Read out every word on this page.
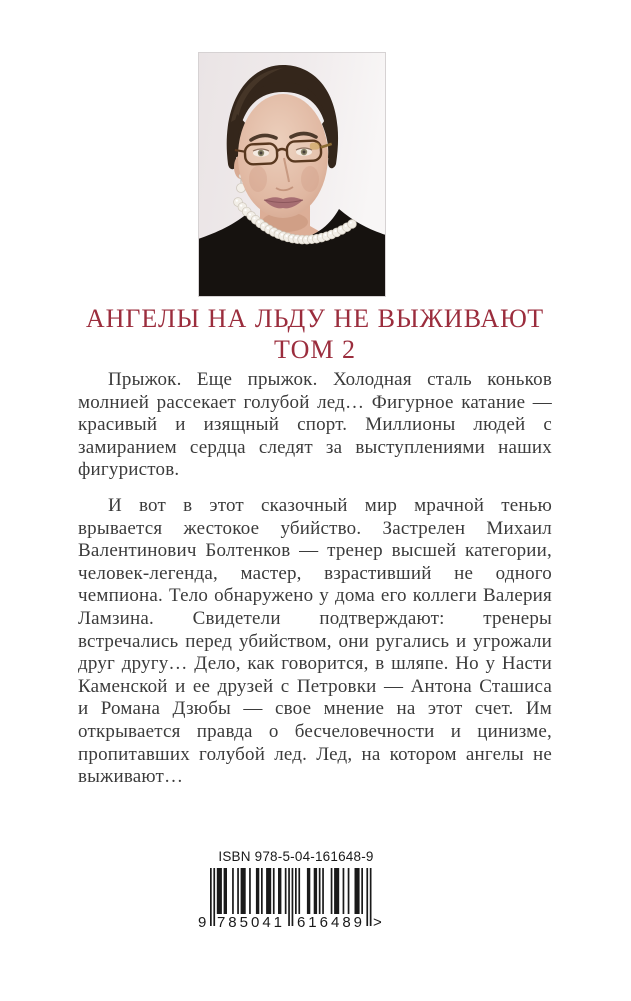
АНГЕЛЫ НА ЛЬДУ НЕ ВЫЖИВАЮТ
ТОМ 2

Прыжок. Еще прыжок. Холодная сталь коньков молнией рассекает голубой лед… Фигурное катание — красивый и изящный спорт. Миллионы людей с замиранием сердца следят за выступлениями наших фигуристов.

И вот в этот сказочный мир мрачной тенью врывается жестокое убийство. Застрелен Михаил Валентинович Болтенков — тренер высшей категории, человек-легенда, мастер, взрастивший не одного чемпиона. Тело обнаружено у дома его коллеги Валерия Ламзина. Свидетели подтверждают: тренеры встречались перед убийством, они ругались и угрожали друг другу… Дело, как говорится, в шляпе. Но у Насти Каменской и ее друзей с Петровки — Антона Сташиса и Романа Дзюбы — свое мнение на этот счет. Им открывается правда о бесчеловечности и цинизме, пропитавших голубой лед. Лед, на котором ангелы не выживают…

ISBN 978-5-04-161648-9
9 785041 616489 >
